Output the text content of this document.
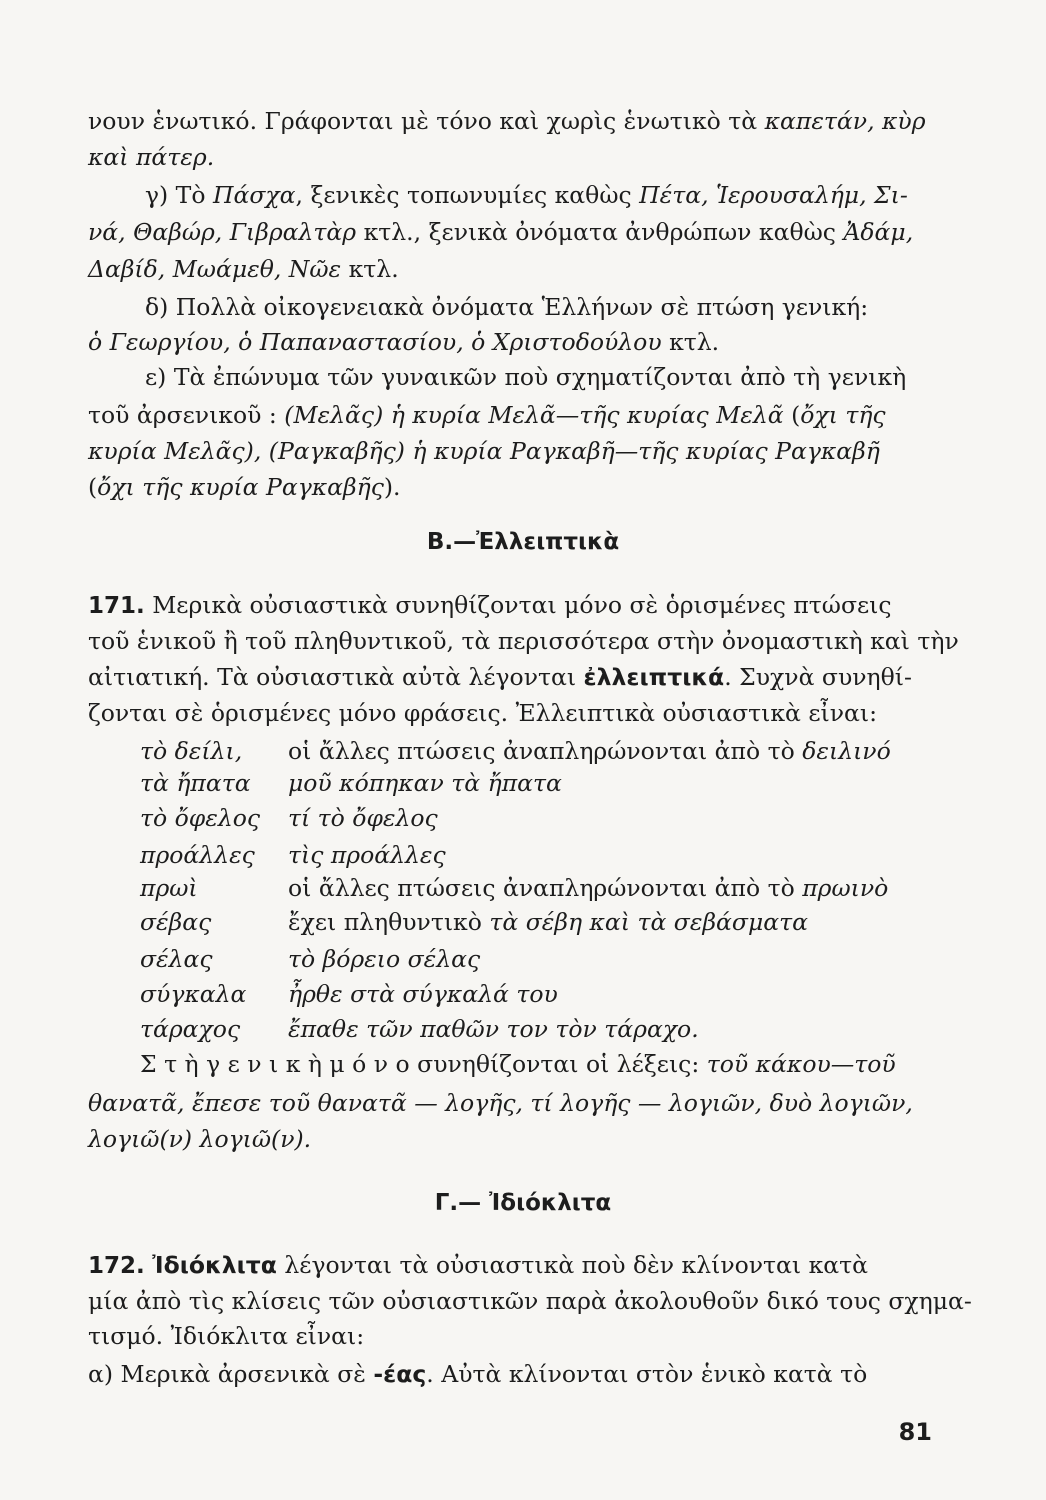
νουν ἑνωτικό. Γράφονται μὲ τόνο καὶ χωρὶς ἑνωτικὸ τὰ καπετάν, κὺρ
καὶ πάτερ.
γ) Τὸ Πάσχα, ξενικὲς τοπωνυμίες καθὼς Πέτα, Ἱερουσαλήμ, Σι-
νά, Θαβώρ, Γιβραλτὰρ κτλ., ξενικὰ ὀνόματα ἀνθρώπων καθὼς Ἀδάμ,
Δαβίδ, Μωάμεθ, Νῶε κτλ.
δ) Πολλὰ οἰκογενειακὰ ὀνόματα Ἑλλήνων σὲ πτώση γενική:
ὁ Γεωργίου, ὁ Παπαναστασίου, ὁ Χριστοδούλου κτλ.
ε) Τὰ ἐπώνυμα τῶν γυναικῶν ποὺ σχηματίζονται ἀπὸ τὴ γενικὴ
τοῦ ἀρσενικοῦ : (Μελᾶς) ἡ κυρία Μελᾶ—τῆς κυρίας Μελᾶ (ὄχι τῆς
κυρία Μελᾶς), (Ραγκαβῆς) ἡ κυρία Ραγκαβῆ—τῆς κυρίας Ραγκαβῆ
(ὄχι τῆς κυρία Ραγκαβῆς).
Β.—Ἐλλειπτικὰ
171. Μερικὰ οὐσιαστικὰ συνηθίζονται μόνο σὲ ὁρισμένες πτώσεις
τοῦ ἑνικοῦ ἢ τοῦ πληθυντικοῦ, τὰ περισσότερα στὴν ὀνομαστικὴ καὶ τὴν
αἰτιατική. Τὰ οὐσιαστικὰ αὐτὰ λέγονται ἐλλειπτικά. Συχνὰ συνηθί-
ζονται σὲ ὁρισμένες μόνο φράσεις. Ἐλλειπτικὰ οὐσιαστικὰ εἶναι:
τὸ δείλι,	οἱ ἄλλες πτώσεις ἀναπληρώνονται ἀπὸ τὸ δειλινό
τὰ ἤπατα	μοῦ κόπηκαν τὰ ἤπατα
τὸ ὄφελος	τί τὸ ὄφελος
προάλλες	τὶς προάλλες
πρωὶ	οἱ ἄλλες πτώσεις ἀναπληρώνονται ἀπὸ τὸ πρωινὸ
σέβας	ἔχει πληθυντικὸ τὰ σέβη καὶ τὰ σεβάσματα
σέλας	τὸ βόρειο σέλας
σύγκαλα	ἦρθε στὰ σύγκαλά του
τάραχος	ἔπαθε τῶν παθῶν τον τὸν τάραχο.
Σ τ ὴ γ ε ν ι κ ὴ μ ό ν ο συνηθίζονται οἱ λέξεις: τοῦ κάκου—τοῦ
θανατᾶ, ἔπεσε τοῦ θανατᾶ — λογῆς, τί λογῆς — λογιῶν, δυὸ λογιῶν,
λογιῶ(ν) λογιῶ(ν).
Γ.— Ἰδιόκλιτα
172. Ἰδιόκλιτα λέγονται τὰ οὐσιαστικὰ ποὺ δὲν κλίνονται κατὰ
μία ἀπὸ τὶς κλίσεις τῶν οὐσιαστικῶν παρὰ ἀκολουθοῦν δικό τους σχημα-
τισμό. Ἰδιόκλιτα εἶναι:
α) Μερικὰ ἀρσενικὰ σὲ -έας. Αὐτὰ κλίνονται στὸν ἑνικὸ κατὰ τὸ
81
